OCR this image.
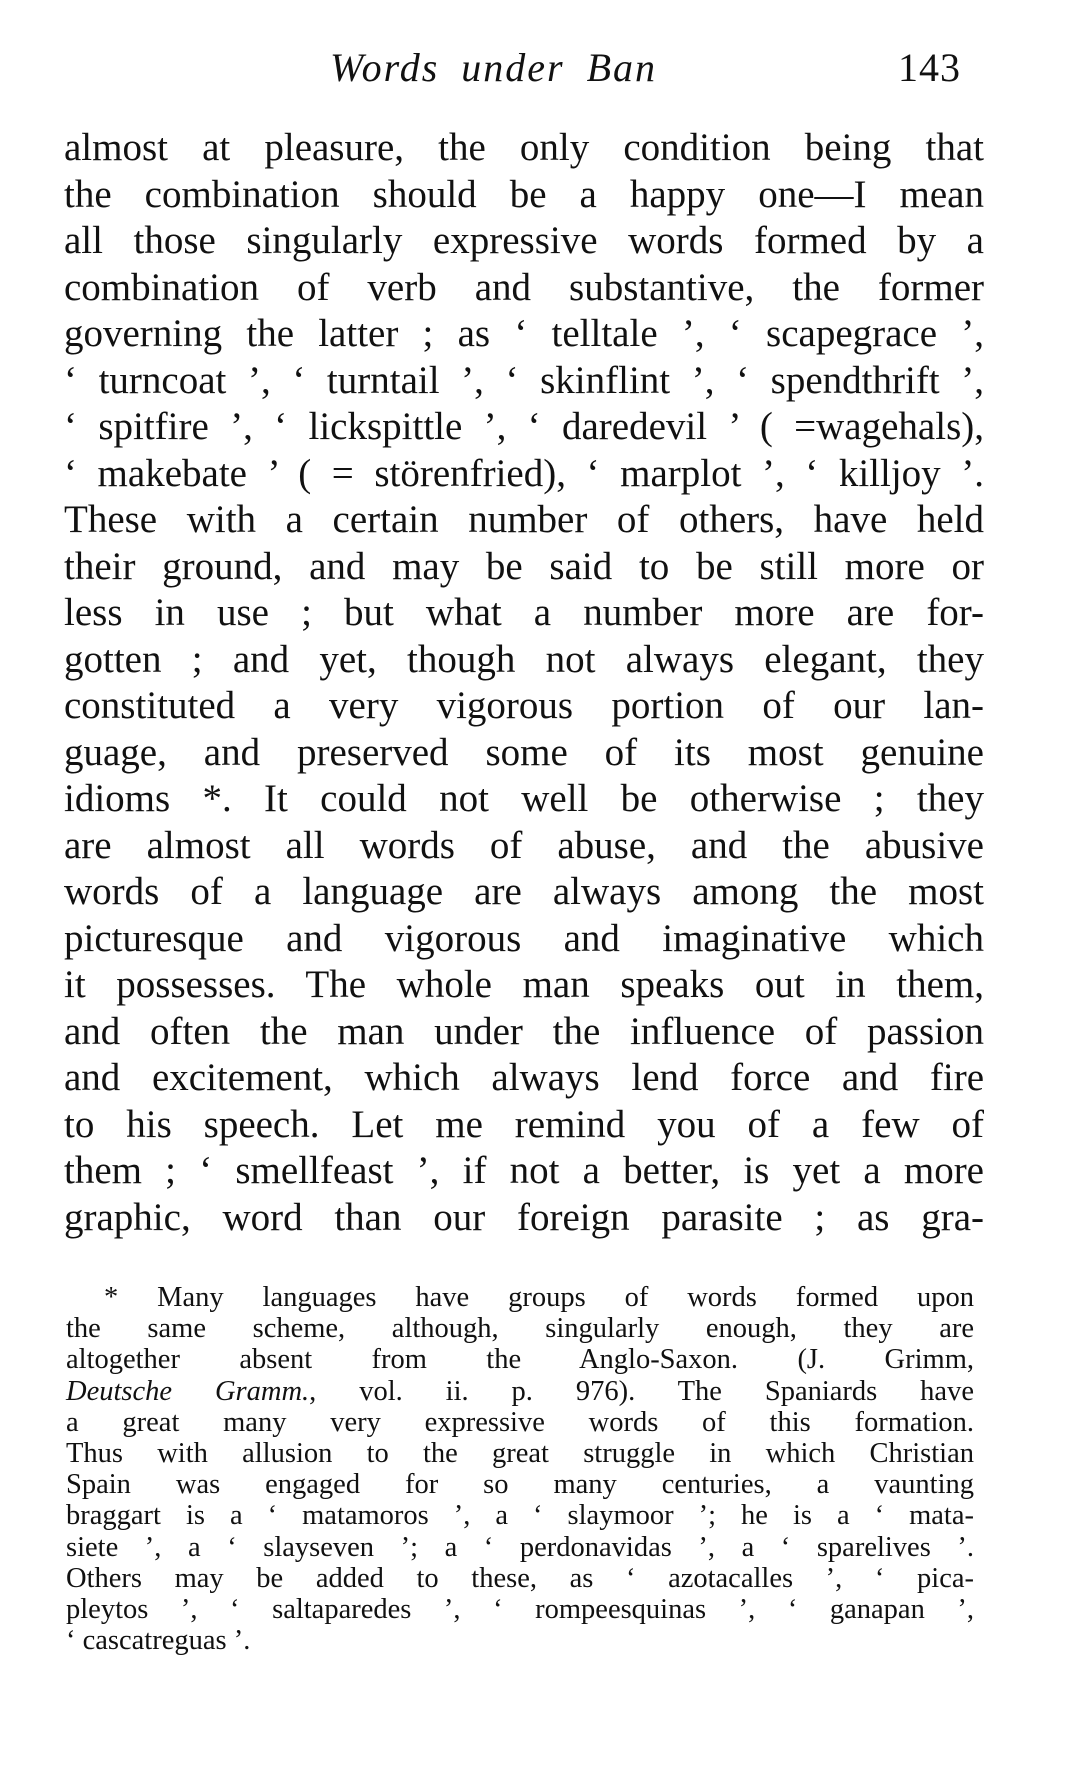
Words under Ban	143
almost at pleasure, the only condition being that
the combination should be a happy one—I mean
all those singularly expressive words formed by a
combination of verb and substantive, the former
governing the latter ; as ‘ telltale ’, ‘ scapegrace ’,
‘ turncoat ’, ‘ turntail ’, ‘ skinflint ’, ‘ spendthrift ’,
‘ spitfire ’, ‘ lickspittle ’, ‘ daredevil ’ ( =wagehals),
‘ makebate ’ ( = störenfried), ‘ marplot ’, ‘ killjoy ’.
These with a certain number of others, have held
their ground, and may be said to be still more or
less in use ; but what a number more are for-
gotten ; and yet, though not always elegant, they
constituted a very vigorous portion of our lan-
guage, and preserved some of its most genuine
idioms *. It could not well be otherwise ; they
are almost all words of abuse, and the abusive
words of a language are always among the most
picturesque and vigorous and imaginative which
it possesses. The whole man speaks out in them,
and often the man under the influence of passion
and excitement, which always lend force and fire
to his speech. Let me remind you of a few of
them ; ‘ smellfeast ’, if not a better, is yet a more
graphic, word than our foreign parasite ; as gra-
* Many languages have groups of words formed upon
the same scheme, although, singularly enough, they are
altogether absent from the Anglo-Saxon. (J. Grimm,
Deutsche Gramm., vol. ii. p. 976). The Spaniards have
a great many very expressive words of this formation.
Thus with allusion to the great struggle in which Christian
Spain was engaged for so many centuries, a vaunting
braggart is a ‘ matamoros ’, a ‘ slaymoor ’; he is a ‘ mata-
siete ’, a ‘ slayseven ’; a ‘ perdonavidas ’, a ‘ sparelives ’.
Others may be added to these, as ‘ azotacalles ’, ‘ pica-
pleytos ’, ‘ saltaparedes ’, ‘ rompeesquinas ’, ‘ ganapan ’,
‘ cascatreguas ’.
